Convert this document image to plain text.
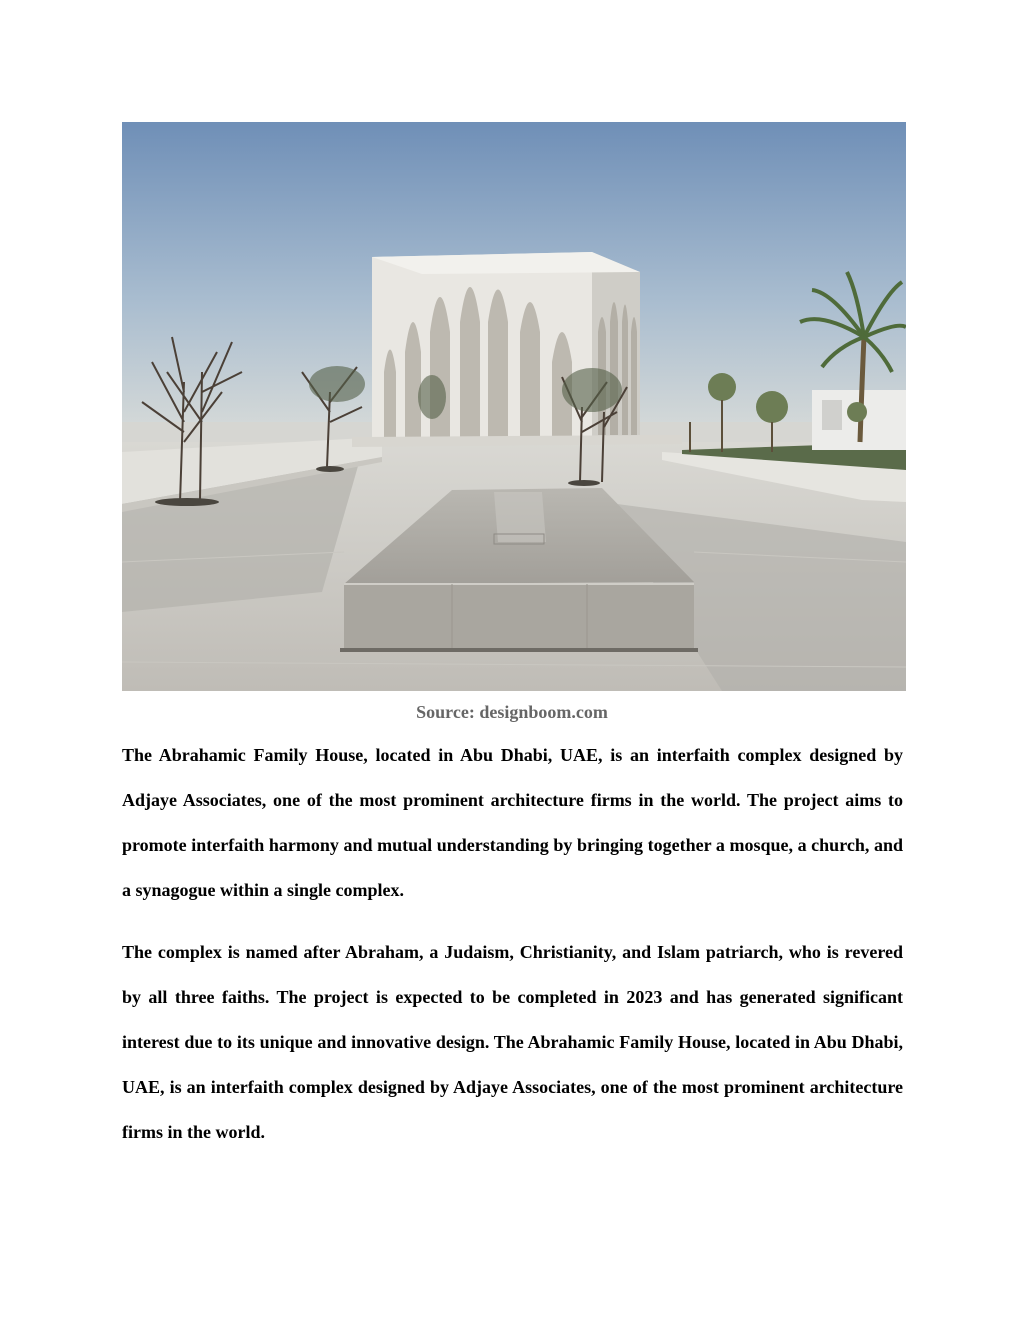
Source: designboom.com

The Abrahamic Family House, located in Abu Dhabi, UAE, is an interfaith complex designed by Adjaye Associates, one of the most prominent architecture firms in the world. The project aims to promote interfaith harmony and mutual understanding by bringing together a mosque, a church, and a synagogue within a single complex.

The complex is named after Abraham, a Judaism, Christianity, and Islam patriarch, who is revered by all three faiths. The project is expected to be completed in 2023 and has generated significant interest due to its unique and innovative design. The Abrahamic Family House, located in Abu Dhabi, UAE, is an interfaith complex designed by Adjaye Associates, one of the most prominent architecture firms in the world.
